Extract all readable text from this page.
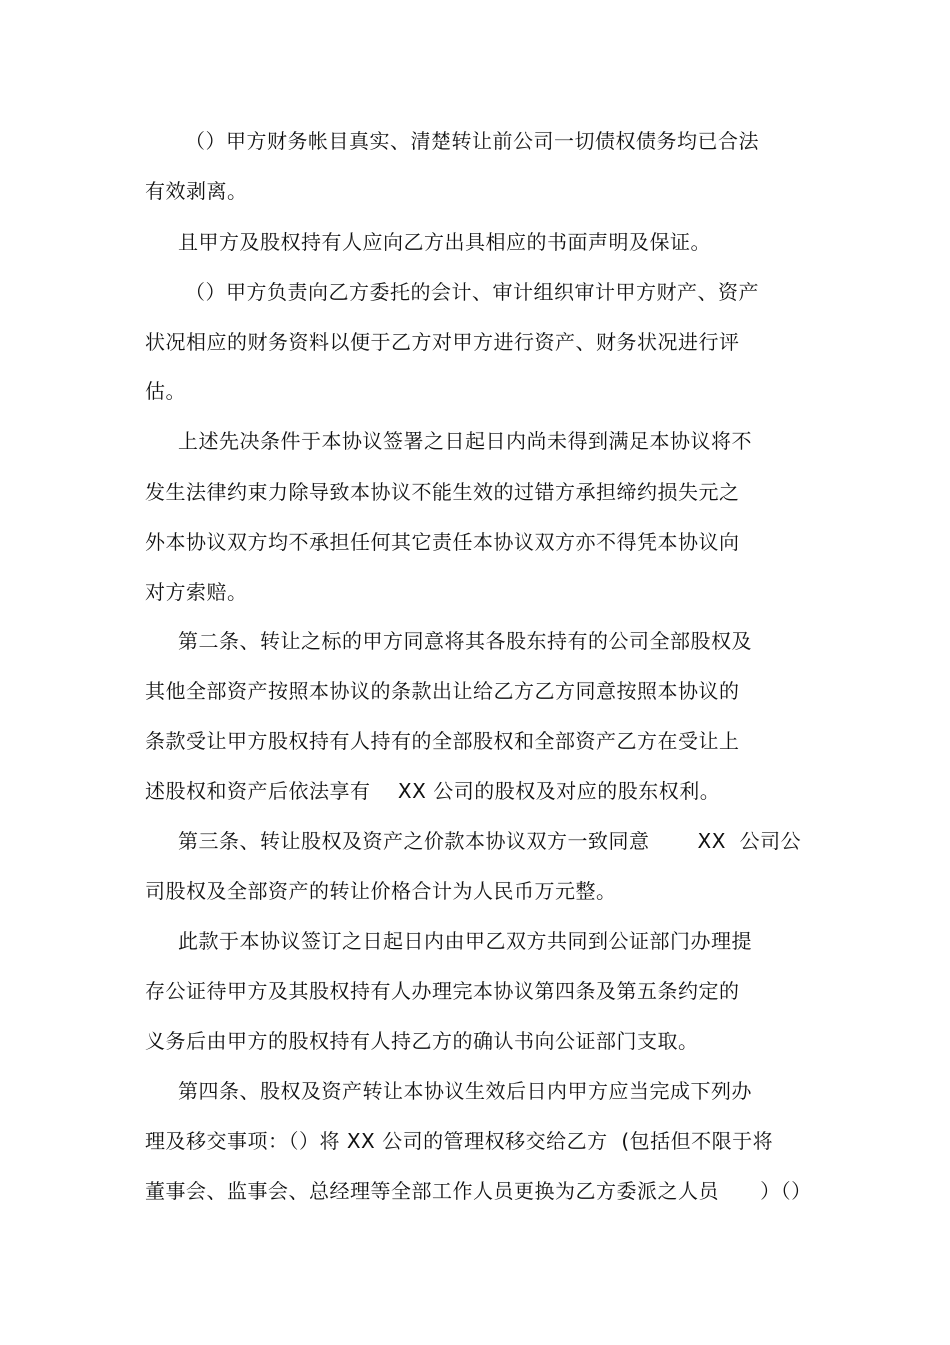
（）甲方财务帐目真实、清楚转让前公司一切债权债务均已合法
有效剥离。
且甲方及股权持有人应向乙方出具相应的书面声明及保证。
（）甲方负责向乙方委托的会计、审计组织审计甲方财产、资产
状况相应的财务资料以便于乙方对甲方进行资产、财务状况进行评
估。
上述先决条件于本协议签署之日起日内尚未得到满足本协议将不
发生法律约束力除导致本协议不能生效的过错方承担缔约损失元之
外本协议双方均不承担任何其它责任本协议双方亦不得凭本协议向
对方索赔。
第二条、转让之标的甲方同意将其各股东持有的公司全部股权及
其他全部资产按照本协议的条款出让给乙方乙方同意按照本协议的
条款受让甲方股权持有人持有的全部股权和全部资产乙方在受让上
述股权和资产后依法享有    XX 公司的股权及对应的股东权利。
第三条、转让股权及资产之价款本协议双方一致同意       XX  公司公
司股权及全部资产的转让价格合计为人民币万元整。
此款于本协议签订之日起日内由甲乙双方共同到公证部门办理提
存公证待甲方及其股权持有人办理完本协议第四条及第五条约定的
义务后由甲方的股权持有人持乙方的确认书向公证部门支取。
第四条、股权及资产转让本协议生效后日内甲方应当完成下列办
理及移交事项：（）将 XX 公司的管理权移交给乙方  (包括但不限于将
董事会、监事会、总经理等全部工作人员更换为乙方委派之人员      ）（）
